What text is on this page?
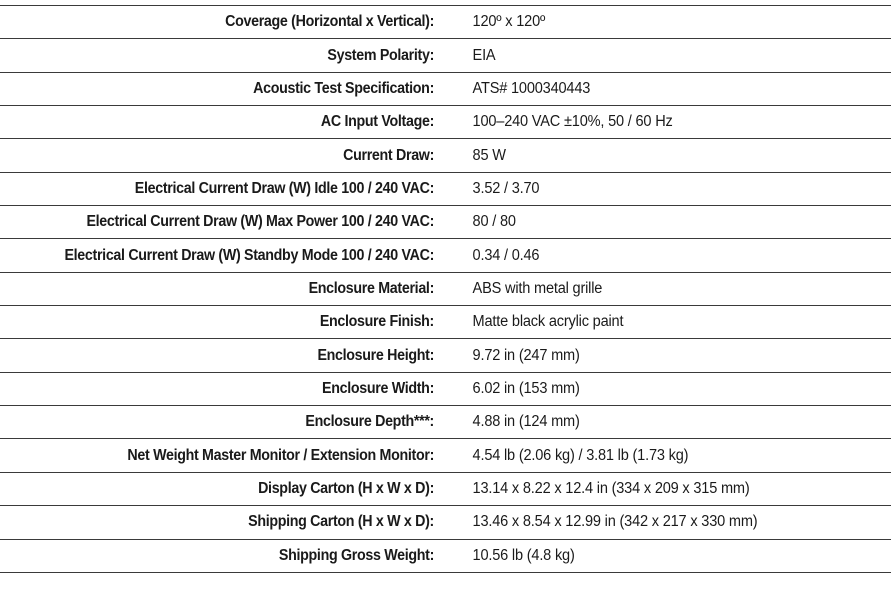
Coverage (Horizontal x Vertical):	120º x 120º
System Polarity:	EIA
Acoustic Test Specification:	ATS# 1000340443
AC Input Voltage:	100–240 VAC ±10%, 50 / 60 Hz
Current Draw:	85 W
Electrical Current Draw (W) Idle 100 / 240 VAC:	3.52 / 3.70
Electrical Current Draw (W) Max Power 100 / 240 VAC:	80 / 80
Electrical Current Draw (W) Standby Mode 100 / 240 VAC:	0.34 / 0.46
Enclosure Material:	ABS with metal grille
Enclosure Finish:	Matte black acrylic paint
Enclosure Height:	9.72 in (247 mm)
Enclosure Width:	6.02 in (153 mm)
Enclosure Depth***:	4.88 in (124 mm)
Net Weight Master Monitor / Extension Monitor:	4.54 lb (2.06 kg) / 3.81 lb (1.73 kg)
Display Carton (H x W x D):	13.14 x 8.22 x 12.4 in (334 x 209 x 315 mm)
Shipping Carton (H x W x D):	13.46 x 8.54 x 12.99 in (342 x 217 x 330 mm)
Shipping Gross Weight:	10.56 lb (4.8 kg)
